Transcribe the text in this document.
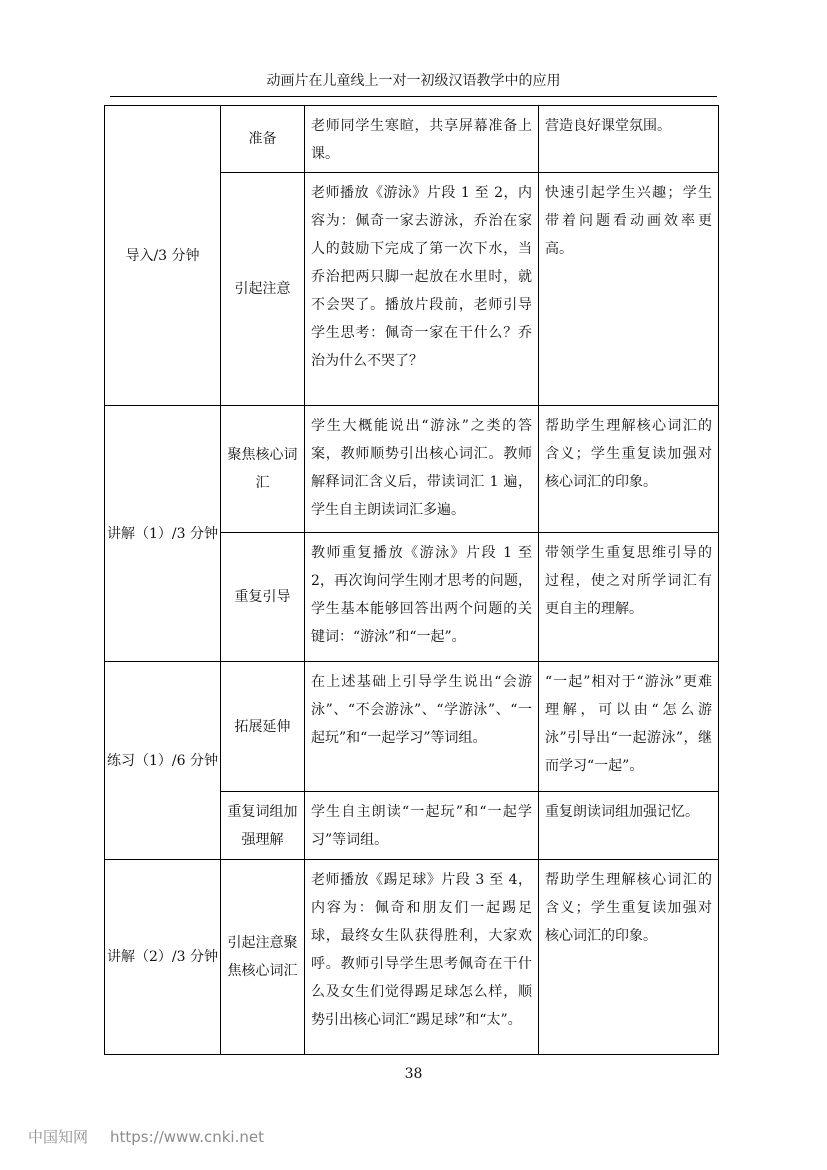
动画片在儿童线上一对一初级汉语教学中的应用
导入/3 分钟	准备	老师同学生寒暄，共享屏幕准备上课。	营造良好课堂氛围。
	引起注意	老师播放《游泳》片段 1 至 2，内容为：佩奇一家去游泳，乔治在家人的鼓励下完成了第一次下水，当乔治把两只脚一起放在水里时，就不会哭了。播放片段前，老师引导学生思考：佩奇一家在干什么？乔治为什么不哭了？	快速引起学生兴趣；学生带着问题看动画效率更高。
讲解（1）/3 分钟	聚焦核心词汇	学生大概能说出“游泳”之类的答案，教师顺势引出核心词汇。教师解释词汇含义后，带读词汇 1 遍，学生自主朗读词汇多遍。	帮助学生理解核心词汇的含义；学生重复读加强对核心词汇的印象。
	重复引导	教师重复播放《游泳》片段 1 至 2，再次询问学生刚才思考的问题，学生基本能够回答出两个问题的关键词：“游泳”和“一起”。	带领学生重复思维引导的过程，使之对所学词汇有更自主的理解。
练习（1）/6 分钟	拓展延伸	在上述基础上引导学生说出“会游泳”、“不会游泳”、“学游泳”、“一起玩”和“一起学习”等词组。	“一起”相对于“游泳”更难理解，可以由“怎么游泳”引导出“一起游泳”，继而学习“一起”。
	重复词组加强理解	学生自主朗读“一起玩”和“一起学习”等词组。	重复朗读词组加强记忆。
讲解（2）/3 分钟	引起注意聚焦核心词汇	老师播放《踢足球》片段 3 至 4，内容为：佩奇和朋友们一起踢足球，最终女生队获得胜利，大家欢呼。教师引导学生思考佩奇在干什么及女生们觉得踢足球怎么样，顺势引出核心词汇“踢足球”和“太”。	帮助学生理解核心词汇的含义；学生重复读加强对核心词汇的印象。
38
中国知网 https://www.cnki.net
